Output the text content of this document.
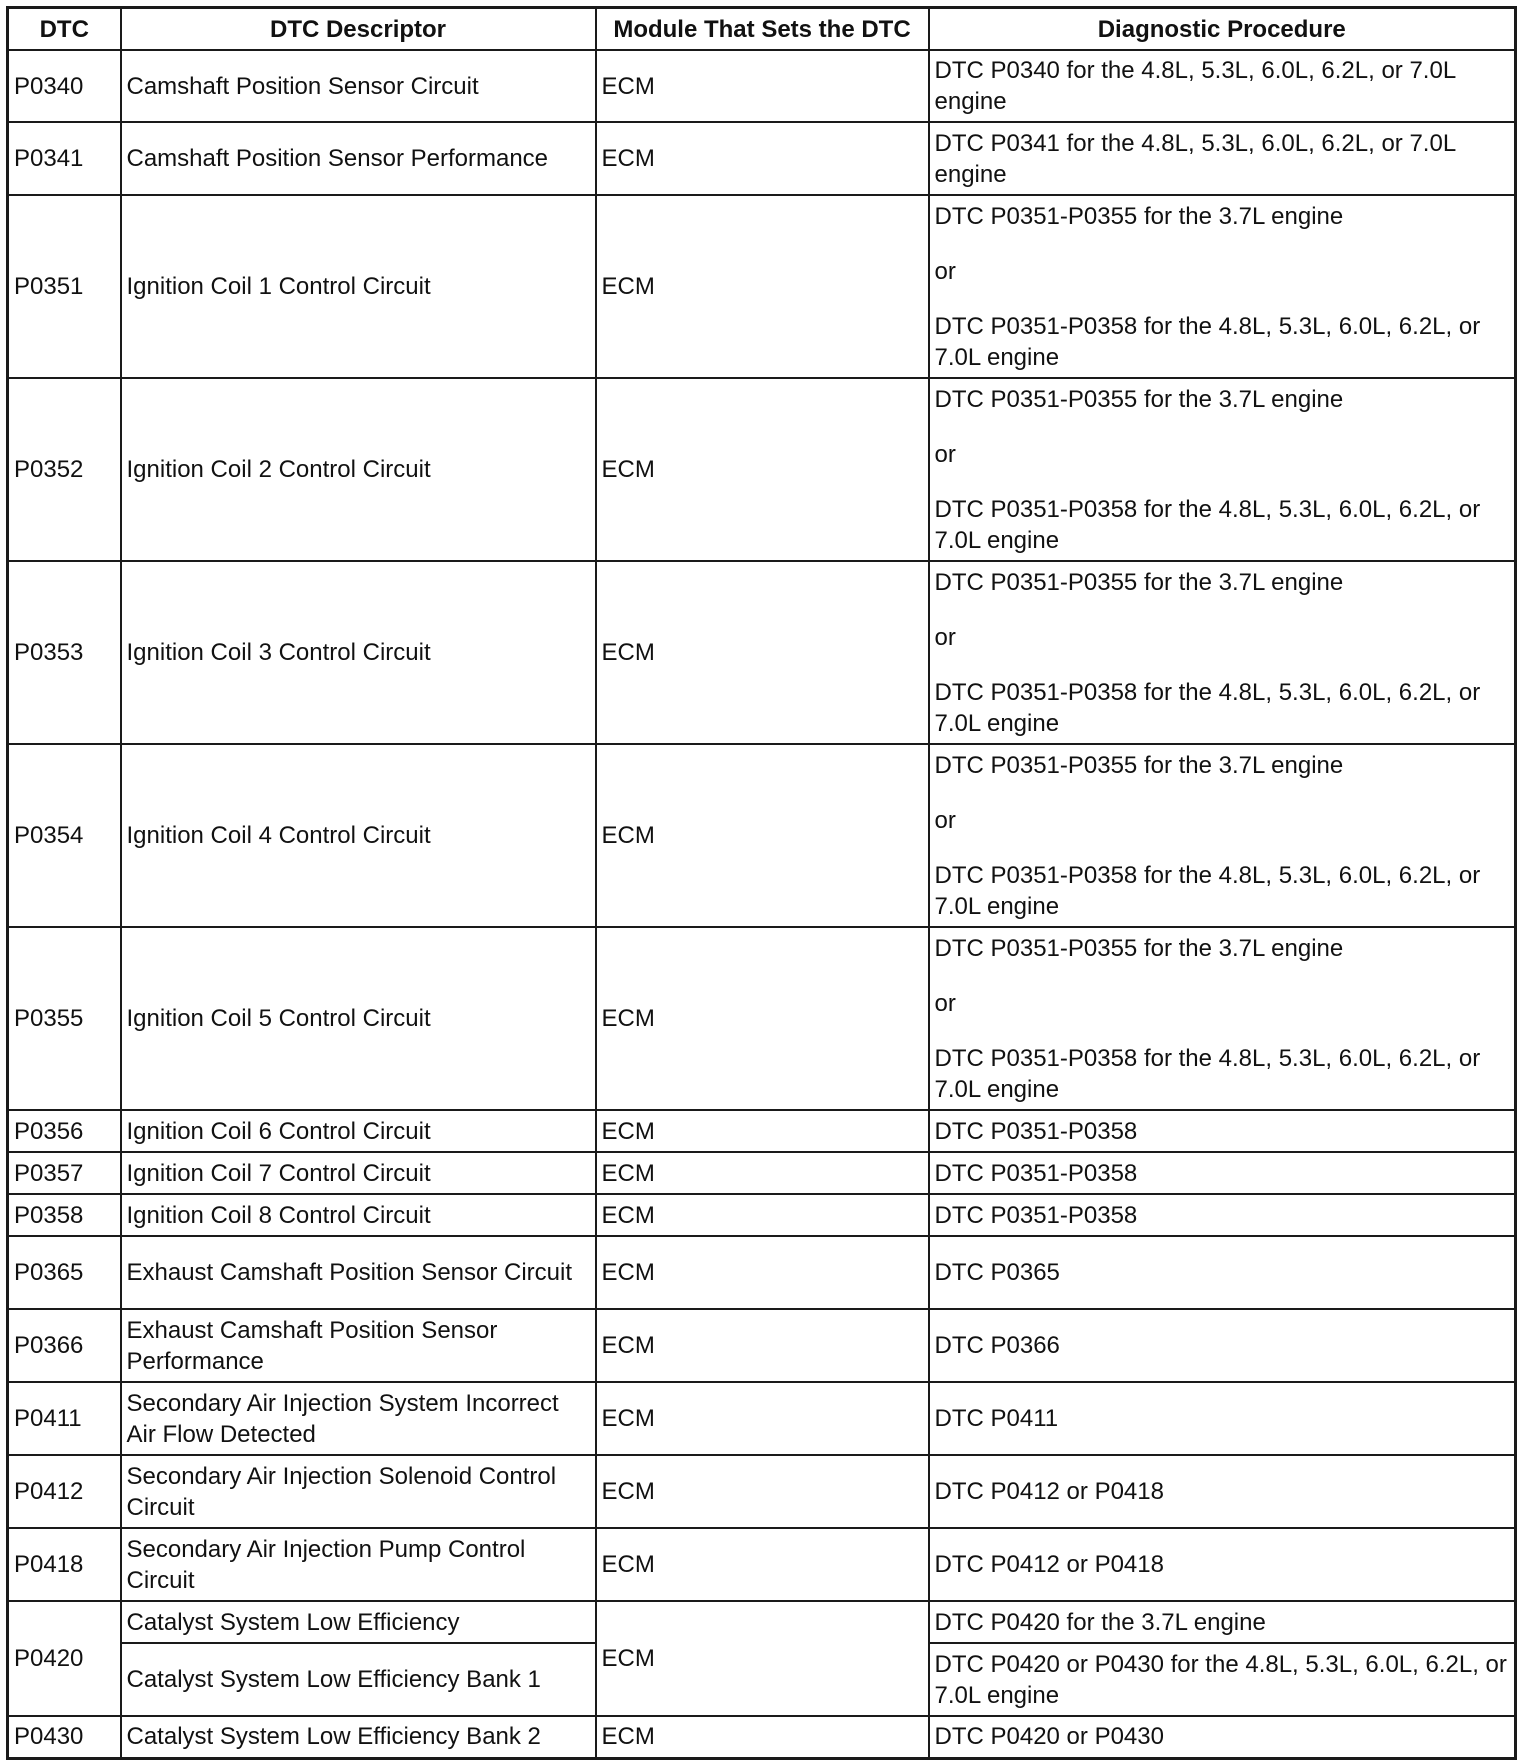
DTC	DTC Descriptor	Module That Sets the DTC	Diagnostic Procedure
P0340	Camshaft Position Sensor Circuit	ECM	DTC P0340 for the 4.8L, 5.3L, 6.0L, 6.2L, or 7.0L engine
P0341	Camshaft Position Sensor Performance	ECM	DTC P0341 for the 4.8L, 5.3L, 6.0L, 6.2L, or 7.0L engine
P0351	Ignition Coil 1 Control Circuit	ECM	DTC P0351-P0355 for the 3.7L engine
or
DTC P0351-P0358 for the 4.8L, 5.3L, 6.0L, 6.2L, or 7.0L engine

P0352	Ignition Coil 2 Control Circuit	ECM	DTC P0351-P0355 for the 3.7L engine
or
DTC P0351-P0358 for the 4.8L, 5.3L, 6.0L, 6.2L, or 7.0L engine

P0353	Ignition Coil 3 Control Circuit	ECM	DTC P0351-P0355 for the 3.7L engine
or
DTC P0351-P0358 for the 4.8L, 5.3L, 6.0L, 6.2L, or 7.0L engine

P0354	Ignition Coil 4 Control Circuit	ECM	DTC P0351-P0355 for the 3.7L engine
or
DTC P0351-P0358 for the 4.8L, 5.3L, 6.0L, 6.2L, or 7.0L engine

P0355	Ignition Coil 5 Control Circuit	ECM	DTC P0351-P0355 for the 3.7L engine
or
DTC P0351-P0358 for the 4.8L, 5.3L, 6.0L, 6.2L, or 7.0L engine

P0356	Ignition Coil 6 Control Circuit	ECM	DTC P0351-P0358
P0357	Ignition Coil 7 Control Circuit	ECM	DTC P0351-P0358
P0358	Ignition Coil 8 Control Circuit	ECM	DTC P0351-P0358
P0365	Exhaust Camshaft Position Sensor Circuit	ECM	DTC P0365
P0366	Exhaust Camshaft Position Sensor Performance	ECM	DTC P0366
P0411	Secondary Air Injection System Incorrect Air Flow Detected	ECM	DTC P0411
P0412	Secondary Air Injection Solenoid Control Circuit	ECM	DTC P0412 or P0418
P0418	Secondary Air Injection Pump Control Circuit	ECM	DTC P0412 or P0418
P0420	Catalyst System Low Efficiency	ECM	DTC P0420 for the 3.7L engine
	Catalyst System Low Efficiency Bank 1		DTC P0420 or P0430 for the 4.8L, 5.3L, 6.0L, 6.2L, or 7.0L engine
P0430	Catalyst System Low Efficiency Bank 2	ECM	DTC P0420 or P0430
